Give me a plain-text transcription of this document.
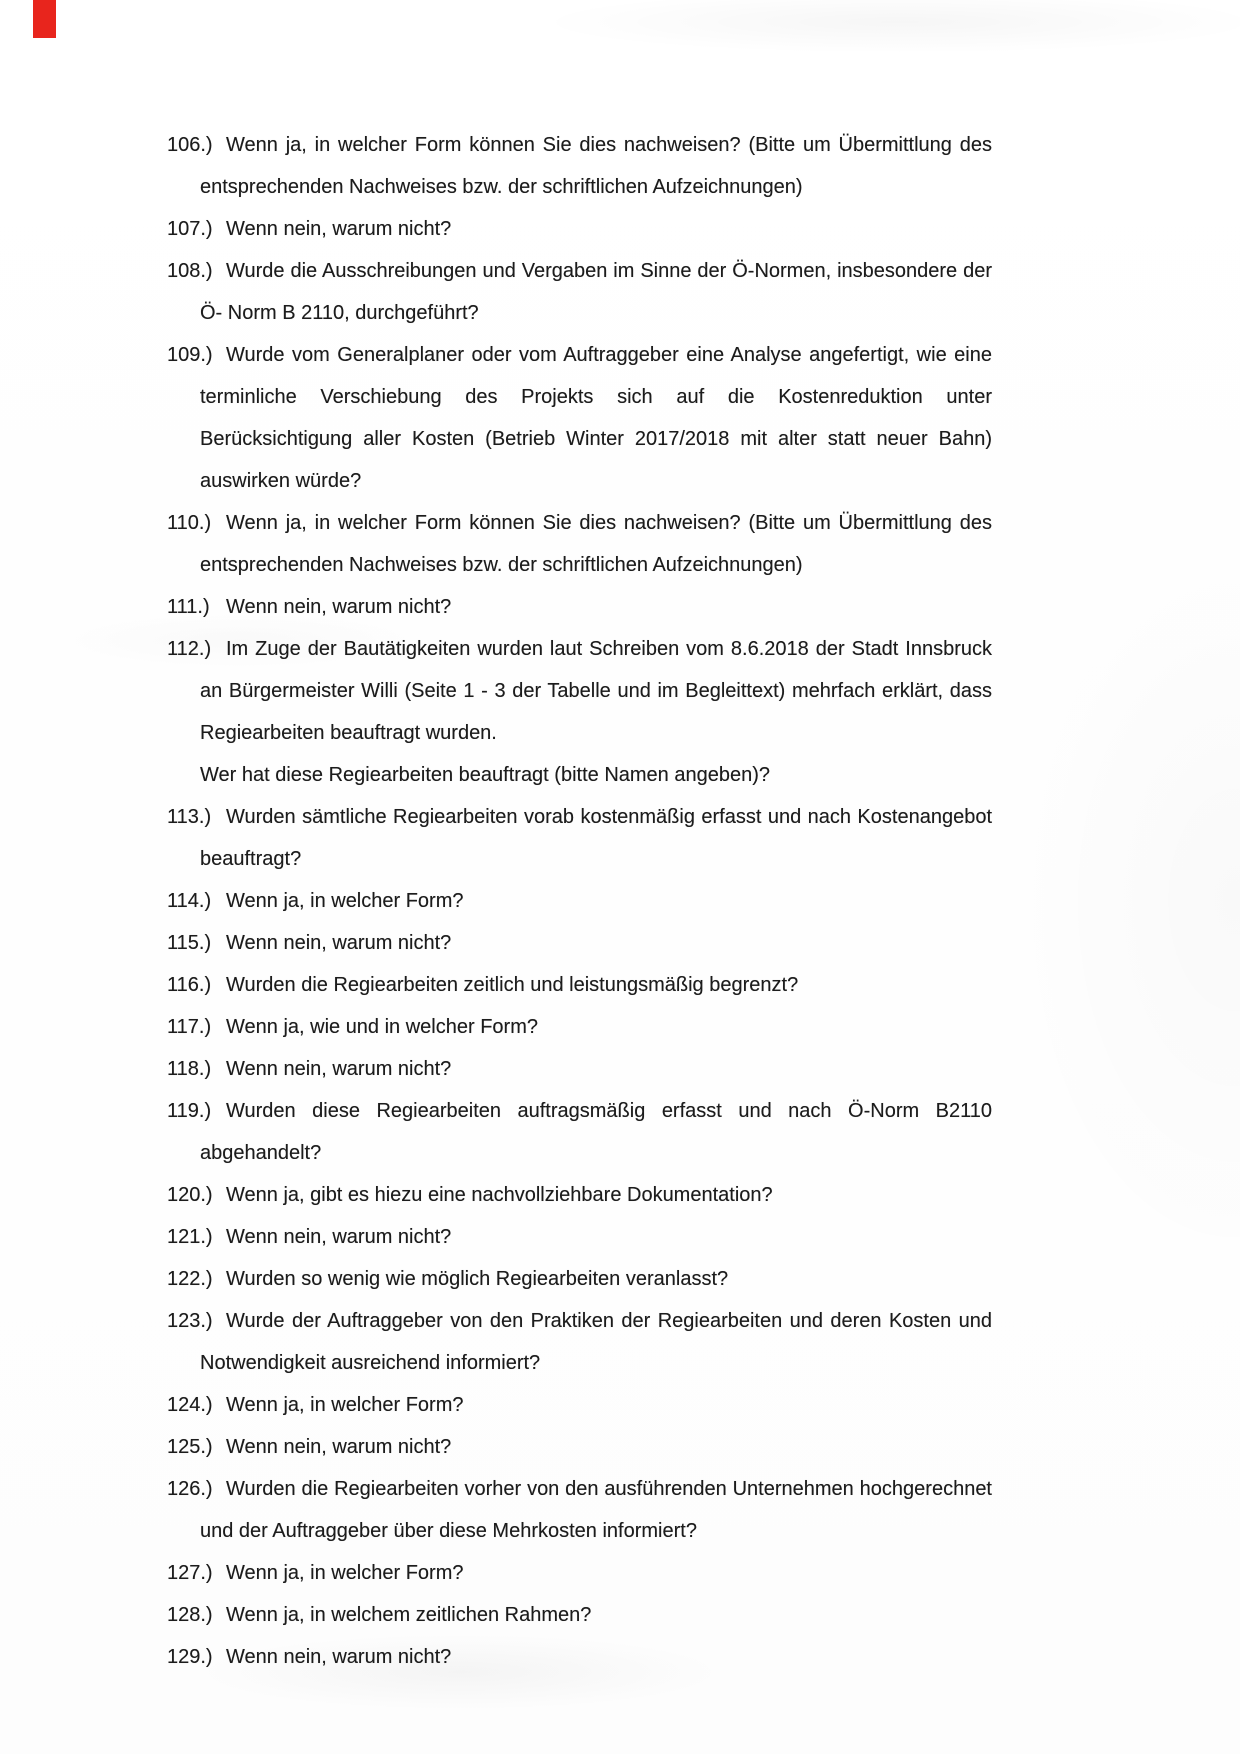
106.) Wenn ja, in welcher Form können Sie dies nachweisen? (Bitte um Übermittlung des entsprechenden Nachweises bzw. der schriftlichen Aufzeichnungen)
107.) Wenn nein, warum nicht?
108.) Wurde die Ausschreibungen und Vergaben im Sinne der Ö-Normen, insbesondere der Ö- Norm B 2110, durchgeführt?
109.) Wurde vom Generalplaner oder vom Auftraggeber eine Analyse angefertigt, wie eine terminliche Verschiebung des Projekts sich auf die Kostenreduktion unter Berücksichtigung aller Kosten (Betrieb Winter 2017/2018 mit alter statt neuer Bahn) auswirken würde?
110.) Wenn ja, in welcher Form können Sie dies nachweisen? (Bitte um Übermittlung des entsprechenden Nachweises bzw. der schriftlichen Aufzeichnungen)
111.) Wenn nein, warum nicht?
112.) Im Zuge der Bautätigkeiten wurden laut Schreiben vom 8.6.2018 der Stadt Innsbruck an Bürgermeister Willi (Seite 1 - 3 der Tabelle und im Begleittext) mehrfach erklärt, dass Regiearbeiten beauftragt wurden.
Wer hat diese Regiearbeiten beauftragt (bitte Namen angeben)?
113.) Wurden sämtliche Regiearbeiten vorab kostenmäßig erfasst und nach Kostenangebot beauftragt?
114.) Wenn ja, in welcher Form?
115.) Wenn nein, warum nicht?
116.) Wurden die Regiearbeiten zeitlich und leistungsmäßig begrenzt?
117.) Wenn ja, wie und in welcher Form?
118.) Wenn nein, warum nicht?
119.) Wurden diese Regiearbeiten auftragsmäßig erfasst und nach Ö-Norm B2110 abgehandelt?
120.) Wenn ja, gibt es hiezu eine nachvollziehbare Dokumentation?
121.) Wenn nein, warum nicht?
122.) Wurden so wenig wie möglich Regiearbeiten veranlasst?
123.) Wurde der Auftraggeber von den Praktiken der Regiearbeiten und deren Kosten und Notwendigkeit ausreichend informiert?
124.) Wenn ja, in welcher Form?
125.) Wenn nein, warum nicht?
126.) Wurden die Regiearbeiten vorher von den ausführenden Unternehmen hochgerechnet und der Auftraggeber über diese Mehrkosten informiert?
127.) Wenn ja, in welcher Form?
128.) Wenn ja, in welchem zeitlichen Rahmen?
129.) Wenn nein, warum nicht?
